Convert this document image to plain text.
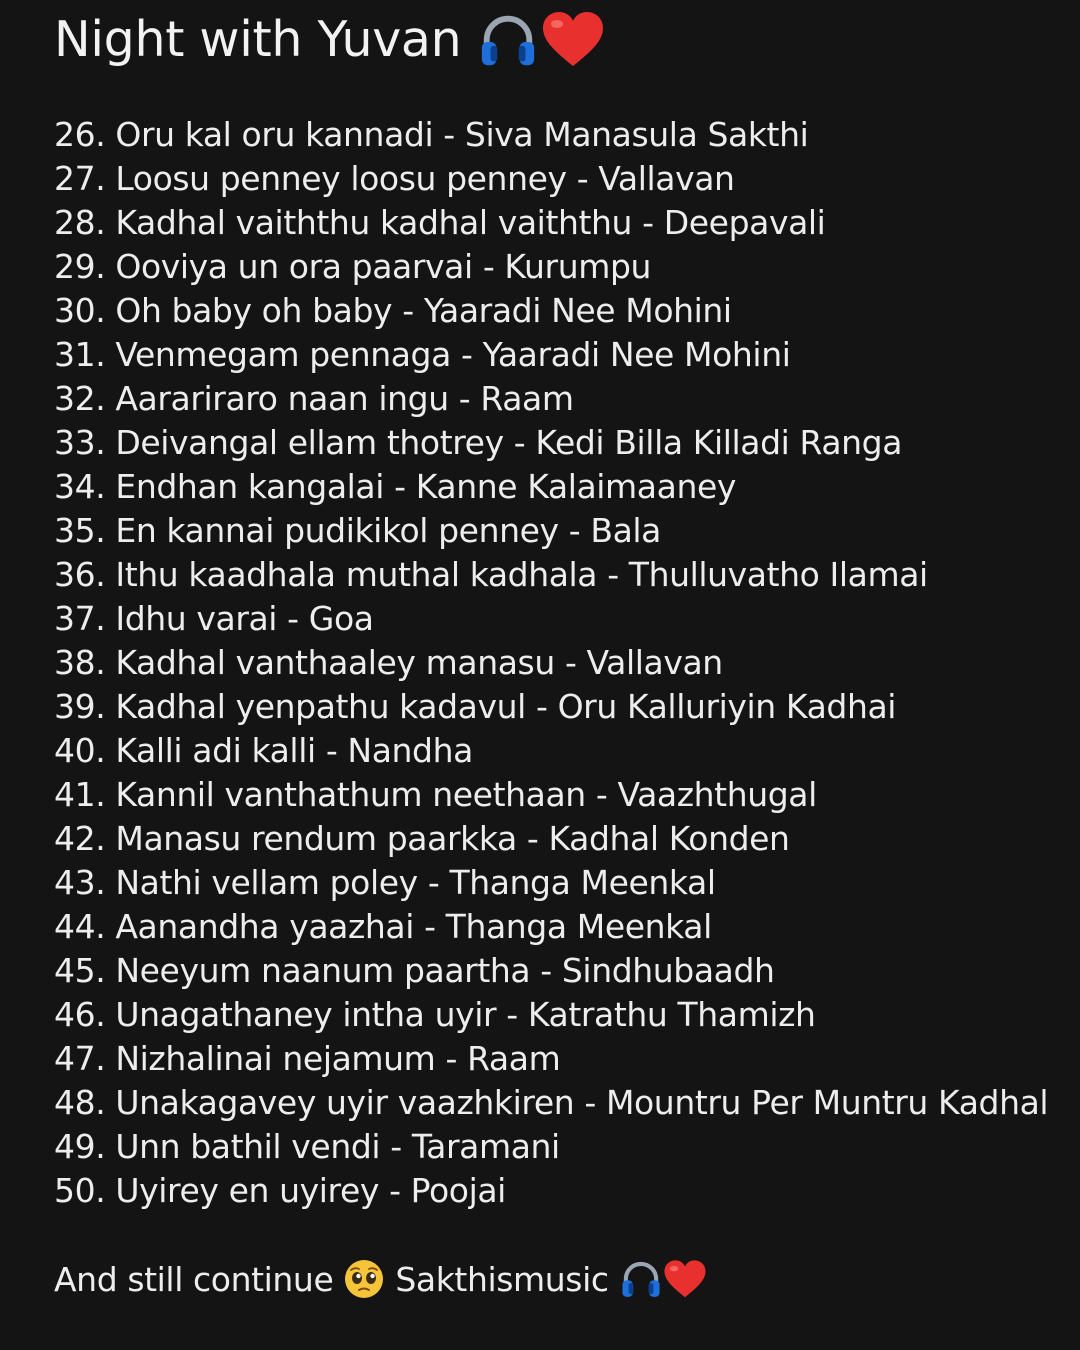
Night with Yuvan
26. Oru kal oru kannadi - Siva Manasula Sakthi
27. Loosu penney loosu penney - Vallavan
28. Kadhal vaiththu kadhal vaiththu - Deepavali
29. Ooviya un ora paarvai - Kurumpu
30. Oh baby oh baby - Yaaradi Nee Mohini
31. Venmegam pennaga - Yaaradi Nee Mohini
32. Aarariraro naan ingu - Raam
33. Deivangal ellam thotrey - Kedi Billa Killadi Ranga
34. Endhan kangalai - Kanne Kalaimaaney
35. En kannai pudikikol penney - Bala
36. Ithu kaadhala muthal kadhala - Thulluvatho Ilamai
37. Idhu varai - Goa
38. Kadhal vanthaaley manasu - Vallavan
39. Kadhal yenpathu kadavul - Oru Kalluriyin Kadhai
40. Kalli adi kalli - Nandha
41. Kannil vanthathum neethaan - Vaazhthugal
42. Manasu rendum paarkka - Kadhal Konden
43. Nathi vellam poley - Thanga Meenkal
44. Aanandha yaazhai - Thanga Meenkal
45. Neeyum naanum paartha - Sindhubaadh
46. Unagathaney intha uyir - Katrathu Thamizh
47. Nizhalinai nejamum - Raam
48. Unakagavey uyir vaazhkiren - Mountru Per Muntru Kadhal
49. Unn bathil vendi - Taramani
50. Uyirey en uyirey - Poojai
And still continue Sakthismusic
